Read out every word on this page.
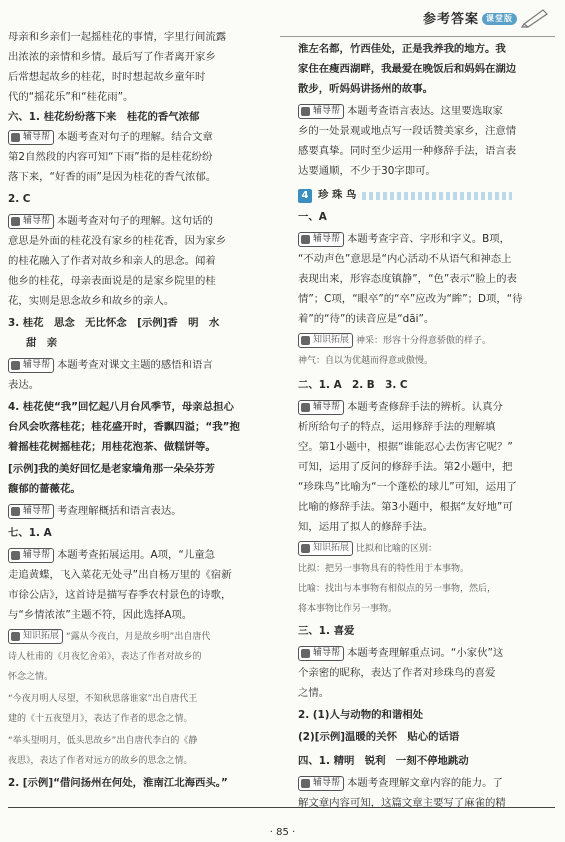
参考答案 课堂版
母亲和乡亲们一起摇桂花的事情，字里行间流露
出浓浓的亲情和乡情。最后写了作者离开家乡
后常想起故乡的桂花，时时想起故乡童年时
代的“摇花乐”和“桂花雨”。
六、1. 桂花纷纷落下来　桂花的香气浓郁
辅导帮 本题考查对句子的理解。结合文章
第2自然段的内容可知“下雨”指的是桂花纷纷
落下来，“好香的雨”是因为桂花的香气浓郁。
2. C
辅导帮 本题考查对句子的理解。这句话的
意思是外面的桂花没有家乡的桂花香，因为家乡
的桂花融入了作者对故乡和亲人的思念。闻着
他乡的桂花，母亲表面说是的是家乡院里的桂
花，实则是思念故乡和故乡的亲人。
3. 桂花　思念　无比怀念　[示例]香　明　水
甜　亲
辅导帮 本题考查对课文主题的感悟和语言
表达。
4. 桂花使“我”回忆起八月台风季节，母亲总担心
台风会吹落桂花；桂花盛开时，香飘四溢；“我”抱
着摇桂花树摇桂花；用桂花泡茶、做糕饼等。
[示例]我的美好回忆是老家墙角那一朵朵芬芳
馥郁的蔷薇花。
辅导帮 考查理解概括和语言表达。
七、1. A
辅导帮 本题考查拓展运用。A项，“儿童急
走追黄蝶，飞入菜花无处寻”出自杨万里的《宿新
市徐公店》，这首诗是描写春季农村景色的诗歌，
与“乡情浓浓”主题不符，因此选择A项。
知识拓展 “露从今夜白，月是故乡明”出自唐代
诗人杜甫的《月夜忆舍弟》，表达了作者对故乡的
怀念之情。
“今夜月明人尽望，不知秋思落谁家”出自唐代王
建的《十五夜望月》，表达了作者的思念之情。
“举头望明月，低头思故乡”出自唐代李白的《静
夜思》，表达了作者对远方的故乡的思念之情。
2. [示例]“借问扬州在何处，淮南江北海西头。”
淮左名都，竹西佳处，正是我养我的地方。我
家住在瘦西湖畔，我最爱在晚饭后和妈妈在湖边
散步，听妈妈讲扬州的故事。
辅导帮 本题考查语言表达。这里要选取家
乡的一处景观或地点写一段话赞美家乡，注意情
感要真挚。同时至少运用一种修辞手法，语言表
达要通顺，不少于30字即可。
4 珍 珠 鸟
一、A
辅导帮 本题考查字音、字形和字义。B项，
“不动声色”意思是“内心活动不从语气和神态上
表现出来，形容态度镇静”，“色”表示“脸上的表
情”；C项，“眼卒”的“卒”应改为“眸”；D项，“待
着”的“待”的读音应是“dāi”。
知识拓展 神采：形容十分得意骄傲的样子。
神气：自以为优越而得意或傲慢。
二、1. A　2. B　3. C
辅导帮 本题考查修辞手法的辨析。认真分
析所给句子的特点，运用修辞手法的理解填
空。第1小题中，根据“谁能忍心去伤害它呢？”
可知，运用了反问的修辞手法。第2小题中，把
“珍珠鸟”比喻为“一个蓬松的球儿”可知，运用了
比喻的修辞手法。第3小题中，根据“友好地”可
知，运用了拟人的修辞手法。
知识拓展 比拟和比喻的区别：
比拟：把另一事物具有的特性用于本事物。
比喻：找出与本事物有相似点的另一事物，然后，
将本事物比作另一事物。
三、1. 喜爱
辅导帮 本题考查理解重点词。“小家伙”这
个亲密的昵称，表达了作者对珍珠鸟的喜爱
之情。
2. (1)人与动物的和谐相处
(2)[示例]温暖的关怀　贴心的话语
四、1. 精明　锐利　一刻不停地跳动
辅导帮 本题考查理解文章内容的能力。了
解文章内容可知，这篇文章主要写了麻雀的精
· 85 ·
